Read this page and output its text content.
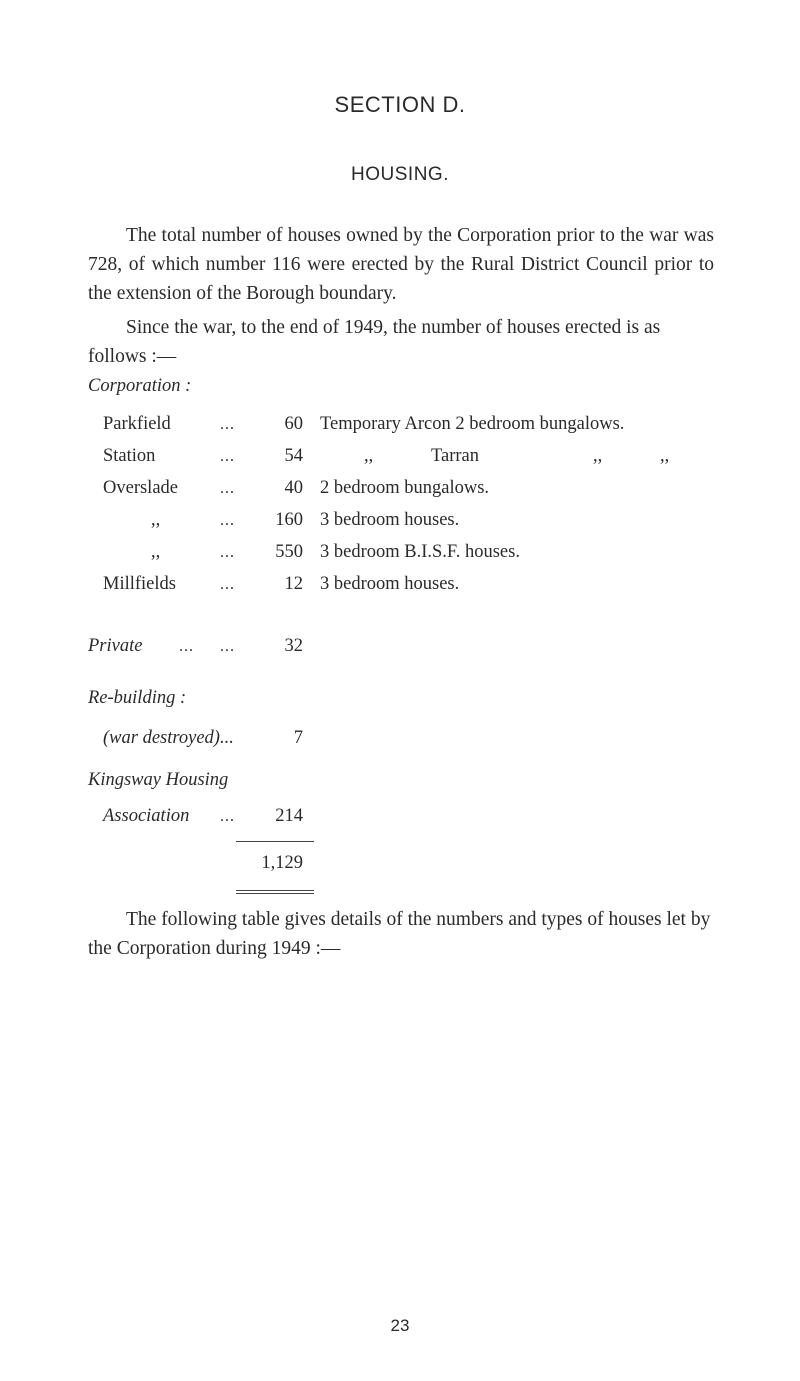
SECTION D.
HOUSING.

The total number of houses owned by the Corporation prior to the war was 728, of which number 116 were erected by the Rural District Council prior to the extension of the Borough boundary.

Since the war, to the end of 1949, the number of houses erected is as follows :—

Corporation :
Parkfield	...	60 Temporary Arcon 2 bedroom bungalows.
Station	...	54	,,	Tarran	,,	,,
Overslade	...	40 2 bedroom bungalows.
,,	...	160 3 bedroom houses.
,,	...	550 3 bedroom B.I.S.F. houses.
Millfields	...	12 3 bedroom houses.
Private ... ...	32
Re-building :
(war destroyed)...	7
Kingsway Housing
Association ...	214
1,129

The following table gives details of the numbers and types of houses let by the Corporation during 1949 :—

23
